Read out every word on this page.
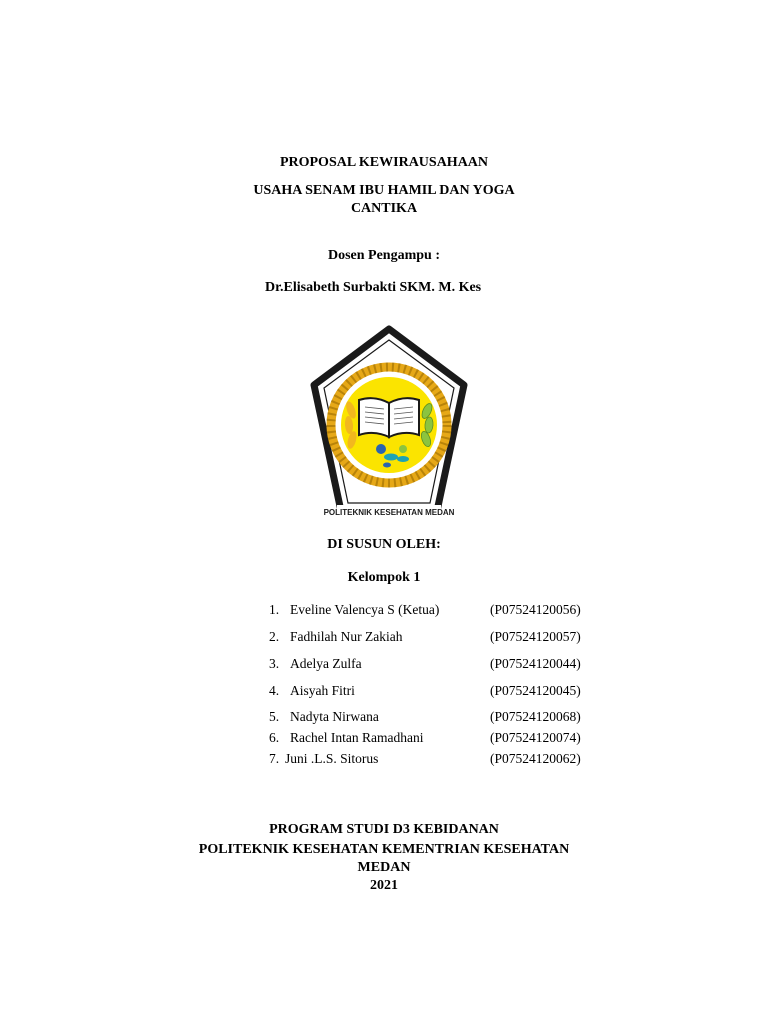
PROPOSAL KEWIRAUSAHAAN
USAHA SENAM IBU HAMIL DAN YOGA
CANTIKA
Dosen Pengampu :
Dr.Elisabeth Surbakti SKM. M. Kes
POLITEKNIK KESEHATAN MEDAN
DI SUSUN OLEH:
Kelompok 1
1. Eveline Valencya S (Ketua)	(P07524120056)
2. Fadhilah Nur Zakiah	(P07524120057)
3. Adelya Zulfa	(P07524120044)
4. Aisyah Fitri	(P07524120045)
5. Nadyta Nirwana	(P07524120068)
6. Rachel Intan Ramadhani	(P07524120074)
7. Juni .L.S. Sitorus	(P07524120062)
PROGRAM STUDI D3 KEBIDANAN
POLITEKNIK KESEHATAN KEMENTRIAN KESEHATAN
MEDAN
2021
